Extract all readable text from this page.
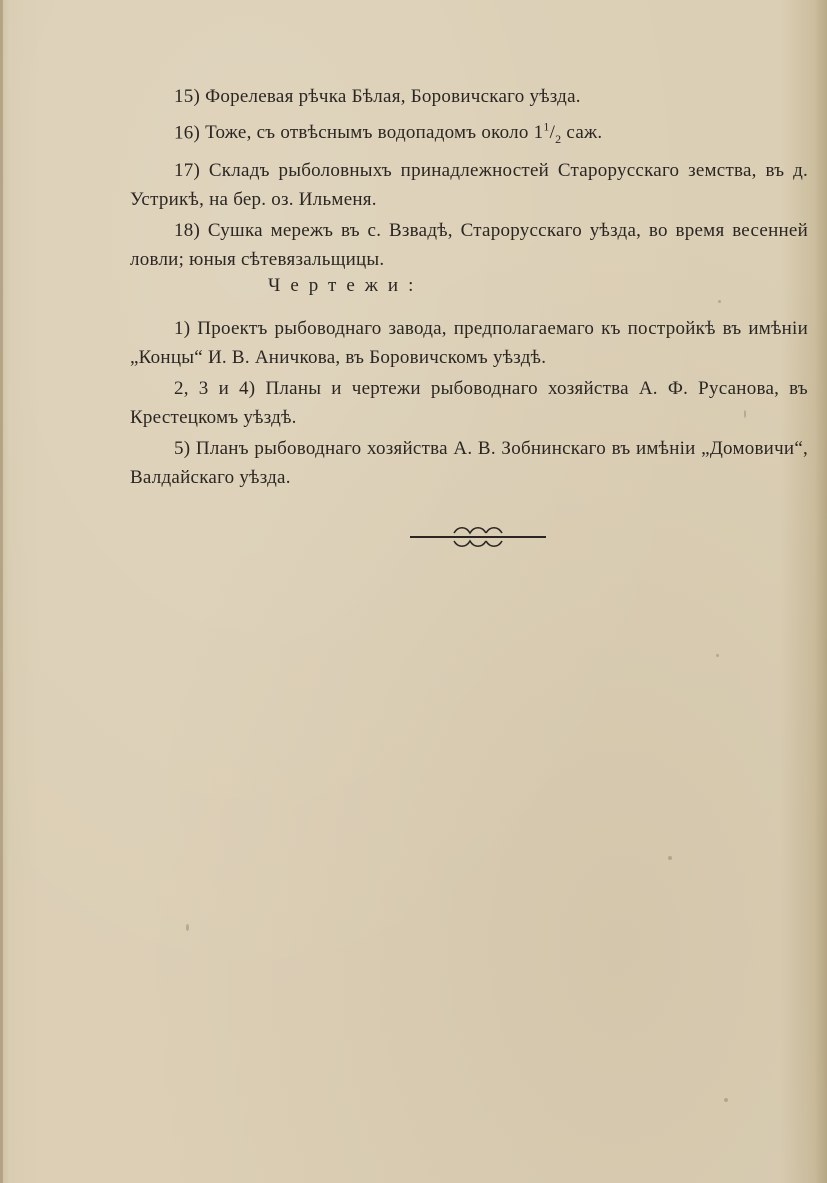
15) Форелевая рѣчка Бѣлая, Боровичскаго уѣзда.

16) Тоже, съ отвѣснымъ водопадомъ около $1^1/_2$ саж.

17) Складъ рыболовныхъ принадлежностей Старорусскаго земства, въ д. Устрикѣ, на бер. оз. Ильменя.

18) Сушка мережъ въ с. Взвадѣ, Старорусскаго уѣзда, во время весенней ловли; юныя сѣтевязальщицы.

Чертежи:

1) Проектъ рыбоводнаго завода, предполагаемаго къ постройкѣ въ имѣніи „Концы“ И. В. Аничкова, въ Боровичскомъ уѣздѣ.

2, 3 и 4) Планы и чертежи рыбоводнаго хозяйства А. Ф. Русанова, въ Крестецкомъ уѣздѣ.

5) Планъ рыбоводнаго хозяйства А. В. Зобнинскаго въ имѣніи „Домовичи“, Валдайскаго уѣзда.
